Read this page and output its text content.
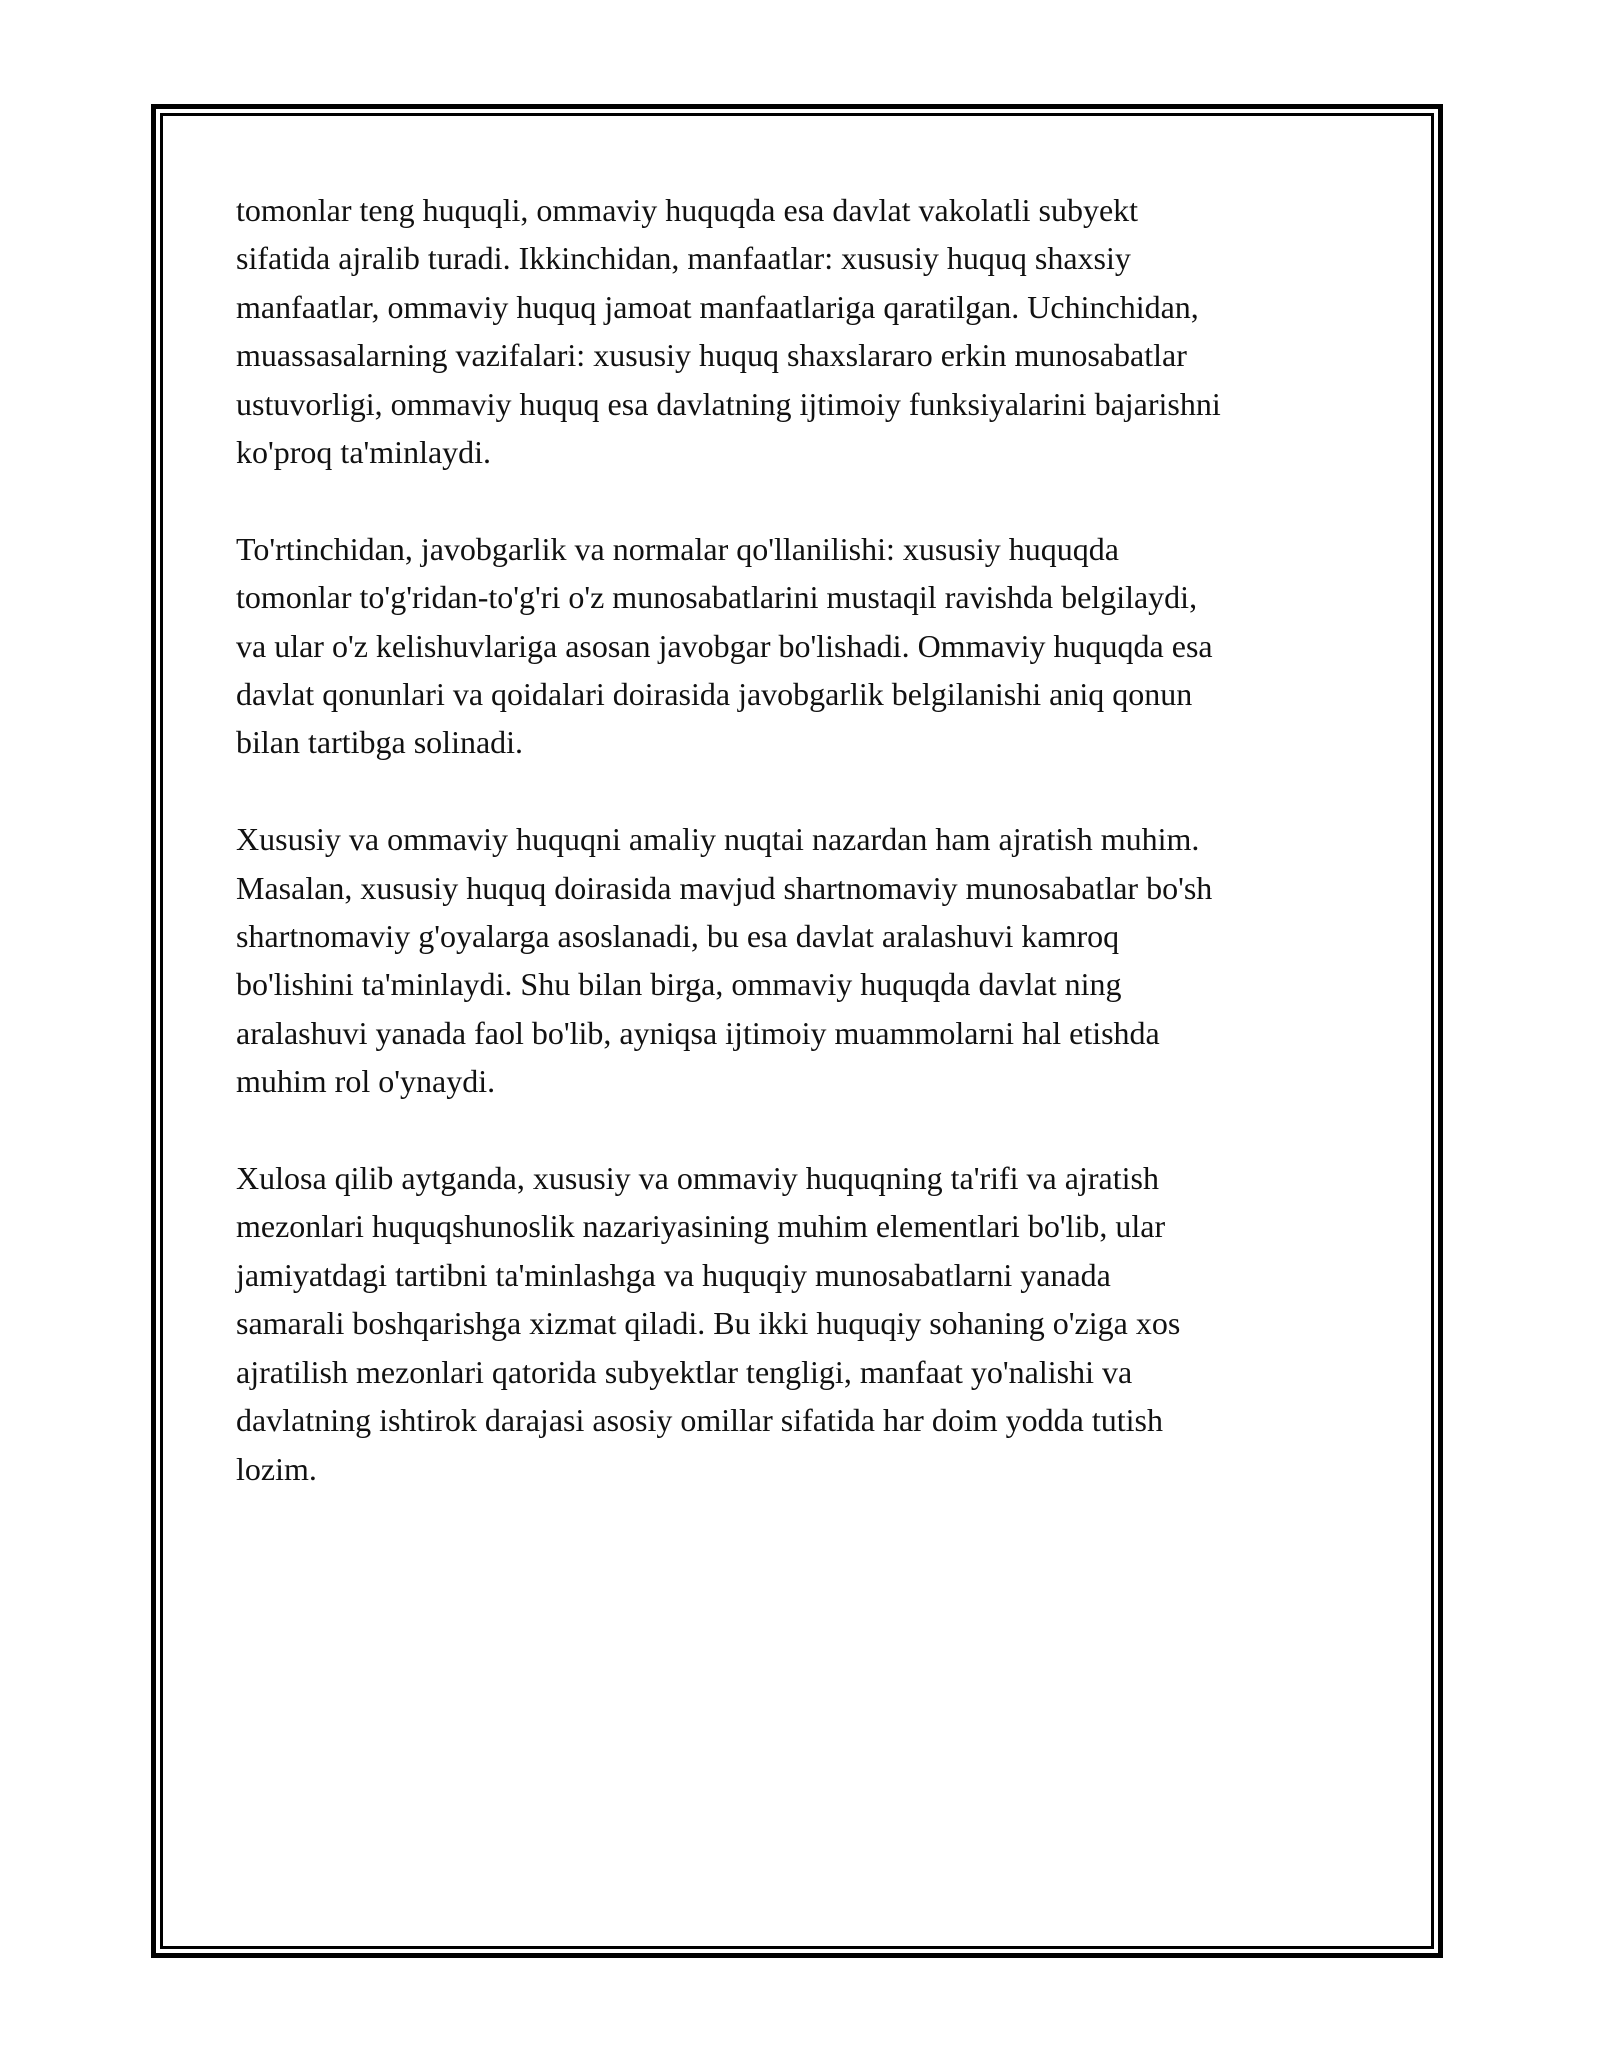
tomonlar teng huquqli, ommaviy huquqda esa davlat vakolatli subyekt
sifatida ajralib turadi. Ikkinchidan, manfaatlar: xususiy huquq shaxsiy
manfaatlar, ommaviy huquq jamoat manfaatlariga qaratilgan. Uchinchidan,
muassasalarning vazifalari: xususiy huquq shaxslararo erkin munosabatlar
ustuvorligi, ommaviy huquq esa davlatning ijtimoiy funksiyalarini bajarishni
ko'proq ta'minlaydi.

To'rtinchidan, javobgarlik va normalar qo'llanilishi: xususiy huquqda
tomonlar to'g'ridan-to'g'ri o'z munosabatlarini mustaqil ravishda belgilaydi,
va ular o'z kelishuvlariga asosan javobgar bo'lishadi. Ommaviy huquqda esa
davlat qonunlari va qoidalari doirasida javobgarlik belgilanishi aniq qonun
bilan tartibga solinadi.

Xususiy va ommaviy huquqni amaliy nuqtai nazardan ham ajratish muhim.
Masalan, xususiy huquq doirasida mavjud shartnomaviy munosabatlar bo'sh
shartnomaviy g'oyalarga asoslanadi, bu esa davlat aralashuvi kamroq
bo'lishini ta'minlaydi. Shu bilan birga, ommaviy huquqda davlat ning
aralashuvi yanada faol bo'lib, ayniqsa ijtimoiy muammolarni hal etishda
muhim rol o'ynaydi.

Xulosa qilib aytganda, xususiy va ommaviy huquqning ta'rifi va ajratish
mezonlari huquqshunoslik nazariyasining muhim elementlari bo'lib, ular
jamiyatdagi tartibni ta'minlashga va huquqiy munosabatlarni yanada
samarali boshqarishga xizmat qiladi. Bu ikki huquqiy sohaning o'ziga xos
ajratilish mezonlari qatorida subyektlar tengligi, manfaat yo'nalishi va
davlatning ishtirok darajasi asosiy omillar sifatida har doim yodda tutish
lozim.
